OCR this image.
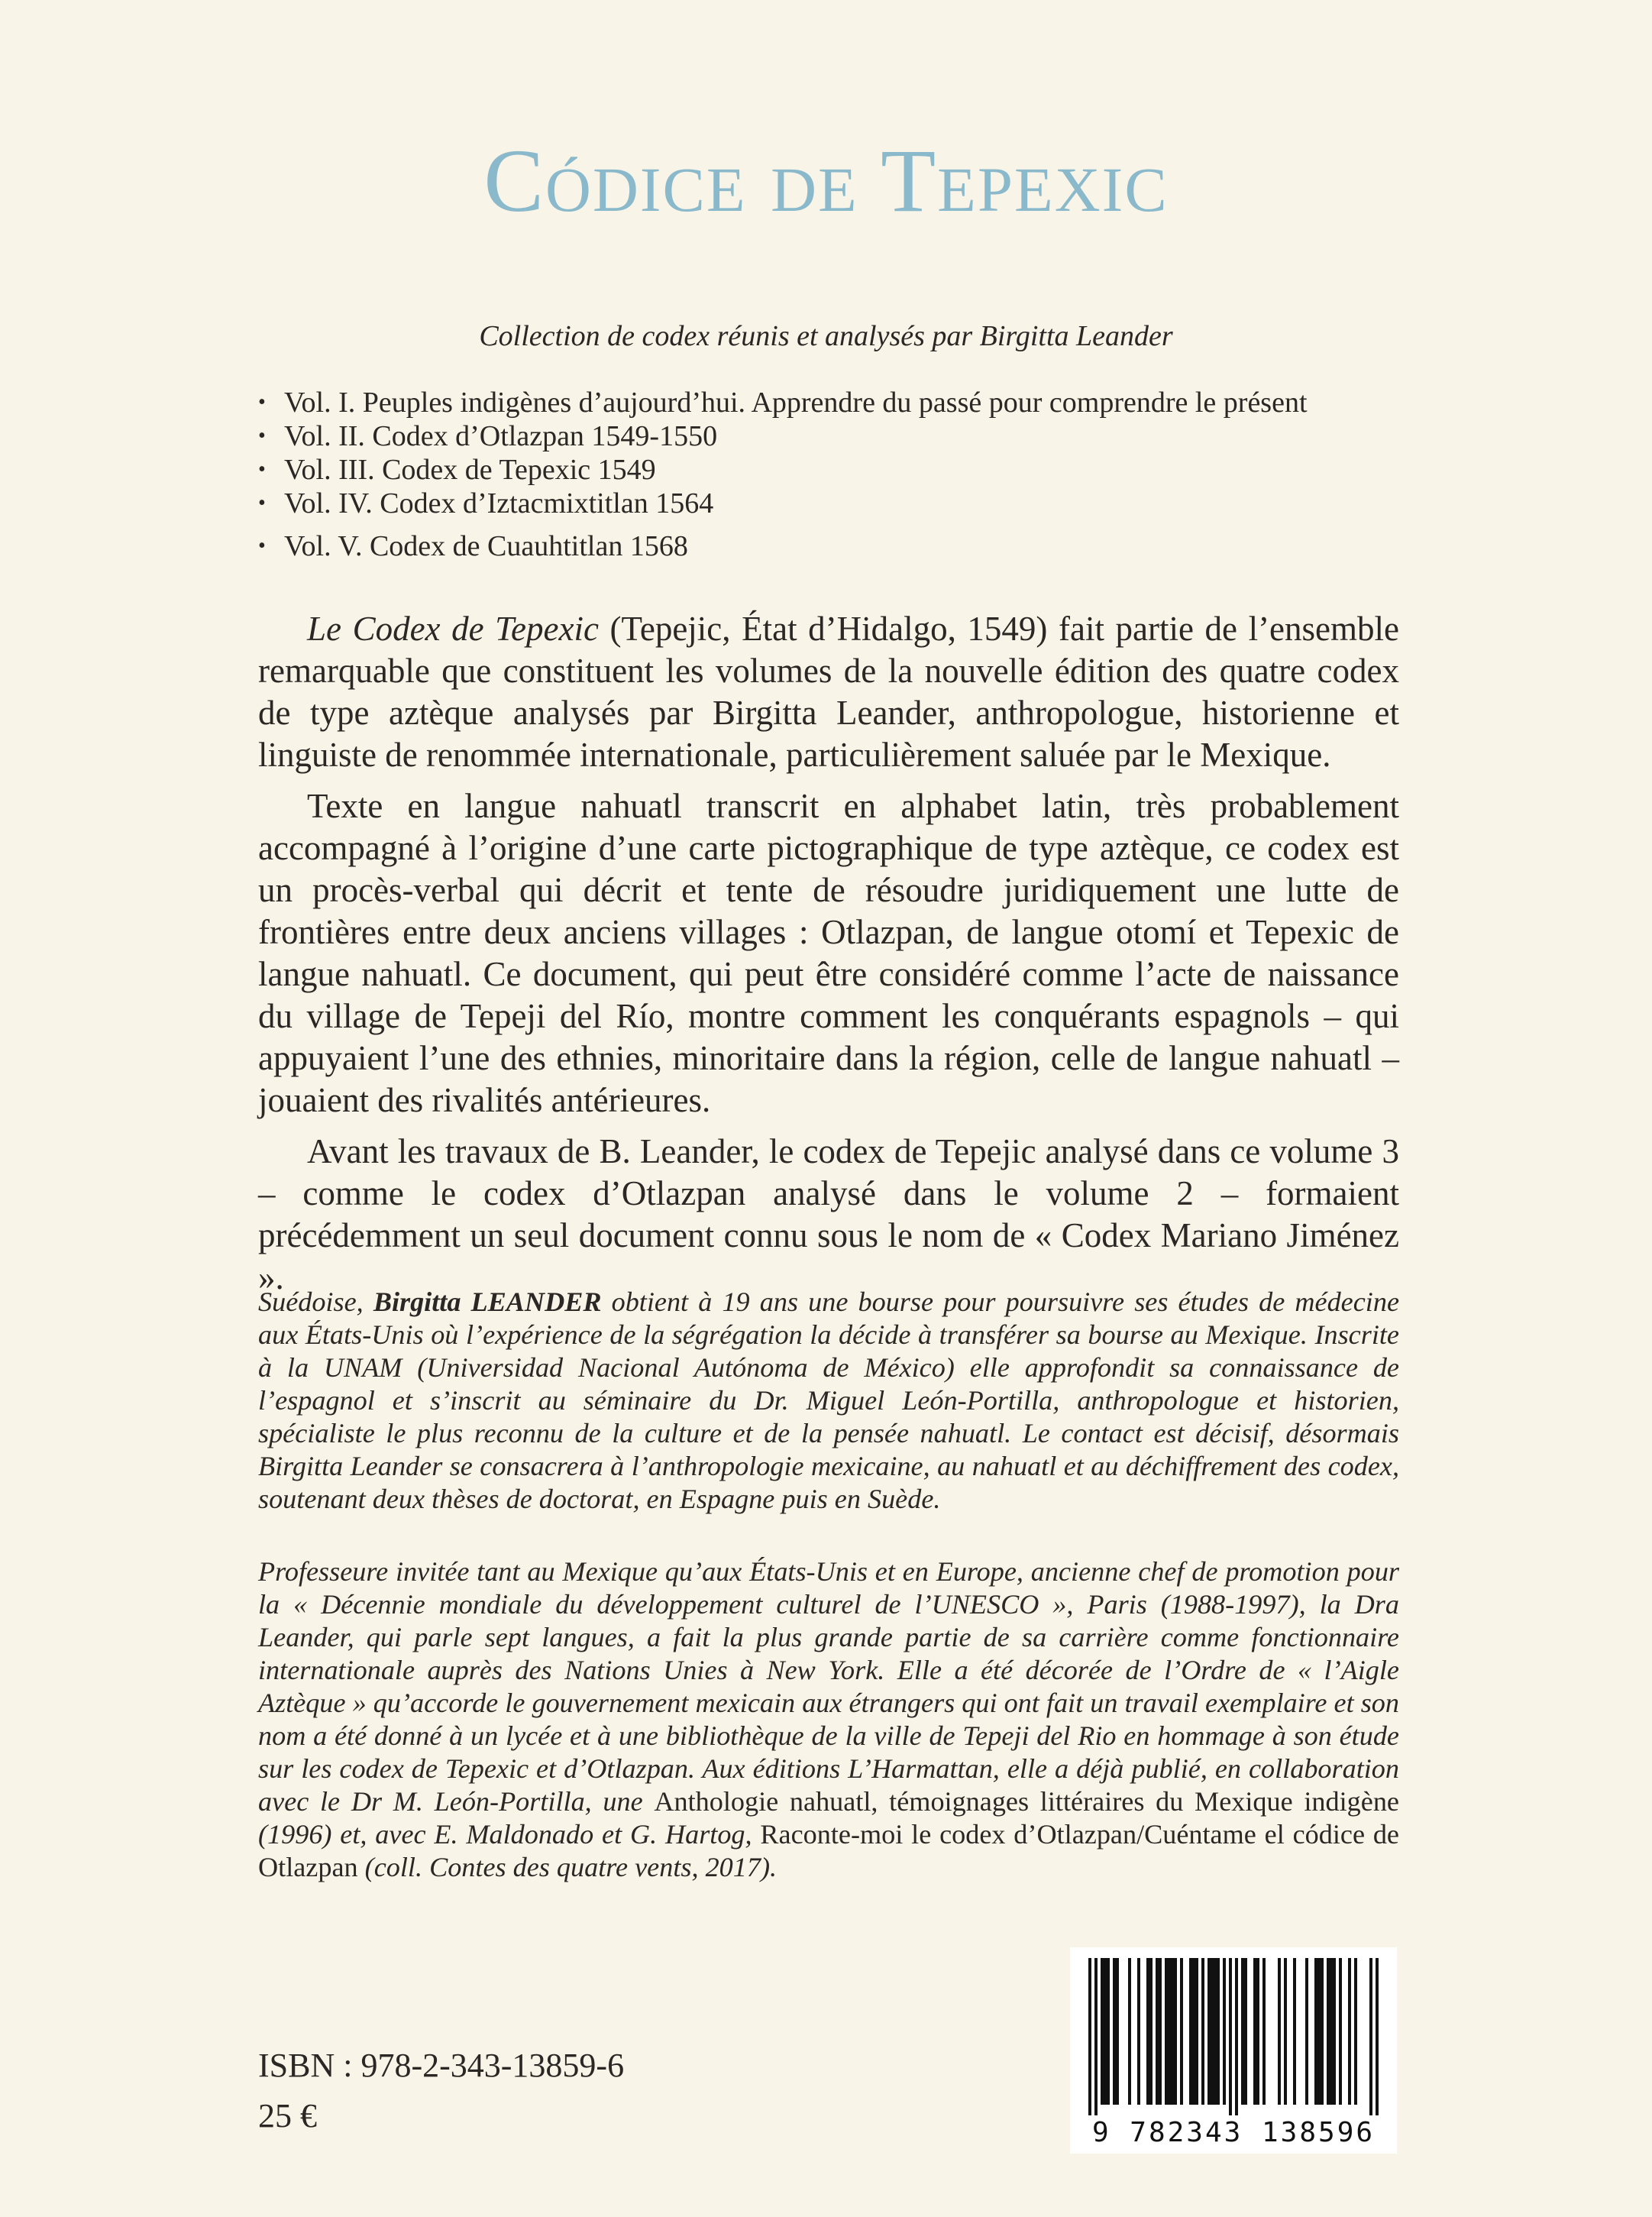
Códice de Tepexic
Collection de codex réunis et analysés par Birgitta Leander
• Vol. I. Peuples indigènes d’aujourd’hui. Apprendre du passé pour comprendre le présent
• Vol. II. Codex d’Otlazpan 1549-1550
• Vol. III. Codex de Tepexic 1549
• Vol. IV. Codex d’Iztacmixtitlan 1564
• Vol. V. Codex de Cuauhtitlan 1568

Le Codex de Tepexic (Tepejic, État d’Hidalgo, 1549) fait partie de l’ensemble remarquable que constituent les volumes de la nouvelle édition des quatre codex de type aztèque analysés par Birgitta Leander, anthropologue, historienne et linguiste de renommée internationale, particulièrement saluée par le Mexique.

Texte en langue nahuatl transcrit en alphabet latin, très probablement accompagné à l’origine d’une carte pictographique de type aztèque, ce codex est un procès-verbal qui décrit et tente de résoudre juridiquement une lutte de frontières entre deux anciens villages : Otlazpan, de langue otomí et Tepexic de langue nahuatl. Ce document, qui peut être considéré comme l’acte de naissance du village de Tepeji del Río, montre comment les conquérants espagnols – qui appuyaient l’une des ethnies, minoritaire dans la région, celle de langue nahuatl – jouaient des rivalités antérieures.

Avant les travaux de B. Leander, le codex de Tepejic analysé dans ce volume 3 – comme le codex d’Otlazpan analysé dans le volume 2 – formaient précédemment un seul document connu sous le nom de « Codex Mariano Jiménez ».

Suédoise, Birgitta LEANDER obtient à 19 ans une bourse pour poursuivre ses études de médecine aux États-Unis où l’expérience de la ségrégation la décide à transférer sa bourse au Mexique. Inscrite à la UNAM (Universidad Nacional Autónoma de México) elle approfondit sa connaissance de l’espagnol et s’inscrit au séminaire du Dr. Miguel León-Portilla, anthropologue et historien, spécialiste le plus reconnu de la culture et de la pensée nahuatl. Le contact est décisif, désormais Birgitta Leander se consacrera à l’anthropologie mexicaine, au nahuatl et au déchiffrement des codex, soutenant deux thèses de doctorat, en Espagne puis en Suède.

Professeure invitée tant au Mexique qu’aux États-Unis et en Europe, ancienne chef de promotion pour la « Décennie mondiale du développement culturel de l’UNESCO », Paris (1988-1997), la Dra Leander, qui parle sept langues, a fait la plus grande partie de sa carrière comme fonctionnaire internationale auprès des Nations Unies à New York. Elle a été décorée de l’Ordre de « l’Aigle Aztèque » qu’accorde le gouvernement mexicain aux étrangers qui ont fait un travail exemplaire et son nom a été donné à un lycée et à une bibliothèque de la ville de Tepeji del Rio en hommage à son étude sur les codex de Tepexic et d’Otlazpan. Aux éditions L’Harmattan, elle a déjà publié, en collaboration avec le Dr M. León-Portilla, une Anthologie nahuatl, témoignages littéraires du Mexique indigène (1996) et, avec E. Maldonado et G. Hartog, Raconte-moi le codex d’Otlazpan/Cuéntame el códice de Otlazpan (coll. Contes des quatre vents, 2017).

ISBN : 978-2-343-13859-6
25 €	9 782343 138596
